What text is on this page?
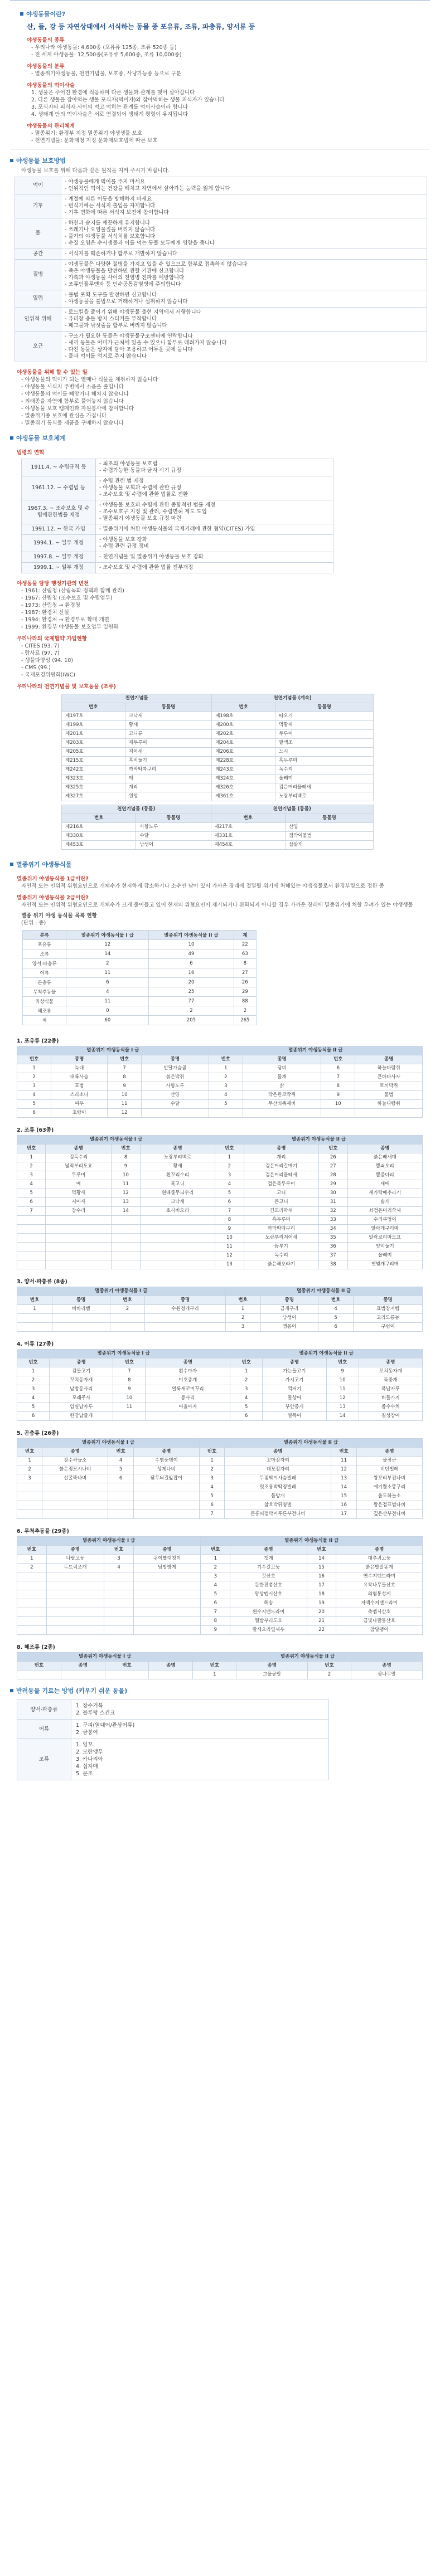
야생동물이란?
산, 들, 강 등 자연상태에서 서식하는 동물 중 포유류, 조류, 파충류, 양서류 등
야생동물의 종류
- 우리나라 야생동물: 4,600종 (포유류 125종, 조류 520종 등)
- 전 세계 야생동물: 12,500종(포유류 5,600종, 조류 10,000종)
야생동물의 분류
- 멸종위기야생동물, 천연기념물, 보호종, 사냥가능종 등으로 구분
야생동물의 먹이사슬
1. 생물은 주어진 환경에 적응하며 다른 생물과 관계를 맺어 살아갑니다
2. 다른 생물을 잡아먹는 생물 포식자(먹이자)와 잡아먹히는 생물 피식자가 있습니다
3. 포식자와 피식자 사이의 먹고 먹히는 관계를 먹이사슬이라 합니다
4. 생태계 안의 먹이사슬은 서로 연결되어 생태계 평형이 유지됩니다
야생동물의 관리체계
- 멸종위기: 환경부 지정 멸종위기 야생생물 보호
- 천연기념물: 문화재청 지정 문화재보호법에 따른 보호
야생동물 보호방법
야생동물 보호를 위해 다음과 같은 원칙을 지켜 주시기 바랍니다.
먹이	- 야생동물에게 먹이를 주지 마세요
- 인위적인 먹이는 건강을 해치고 자연에서 살아가는 능력을 잃게 합니다

기후	- 계절에 따른 이동을 방해하지 마세요
- 번식기에는 서식지 출입을 자제합니다
- 기후 변화에 따른 서식지 보전에 참여합니다

물	- 하천과 습지를 깨끗하게 유지합니다
- 쓰레기나 오염물질을 버리지 않습니다
- 물가의 야생동물 서식처를 보호합니다
- 수질 오염은 수서생물과 이를 먹는 동물 모두에게 영향을 줍니다

공간	- 서식지를 훼손하거나 함부로 개발하지 않습니다

질병	- 야생동물은 다양한 질병을 가지고 있을 수 있으므로 함부로 접촉하지 않습니다
- 죽은 야생동물을 발견하면 관할 기관에 신고합니다
- 가축과 야생동물 사이의 전염병 전파를 예방합니다
- 조류인플루엔자 등 인수공통감염병에 주의합니다

밀렵	- 불법 포획 도구를 발견하면 신고합니다
- 야생동물을 불법으로 거래하거나 섭취하지 않습니다

인위적 위해	- 로드킬을 줄이기 위해 야생동물 출현 지역에서 서행합니다
- 유리창 충돌 방지 스티커를 부착합니다
- 폐그물과 낚싯줄을 함부로 버리지 않습니다

오근	- 구조가 필요한 동물은 야생동물구조센터에 연락합니다
- 새끼 동물은 어미가 근처에 있을 수 있으니 함부로 데려가지 않습니다
- 다친 동물은 상자에 담아 조용하고 어두운 곳에 둡니다
- 물과 먹이를 억지로 주지 않습니다
야생동물을 위해 할 수 있는 일
- 야생동물의 먹이가 되는 열매나 식물을 채취하지 않습니다
- 야생동물 서식지 주변에서 소음을 줄입니다
- 야생동물의 먹이를 빼앗거나 해치지 않습니다
- 외래종을 자연에 함부로 풀어놓지 않습니다
- 야생동물 보호 캠페인과 자원봉사에 참여합니다
- 멸종위기종 보호에 관심을 가집니다
- 멸종위기 동식물 제품을 구매하지 않습니다
야생동물 보호체계
법령의 연혁
1911.4. ~ 수렵규칙 등	- 최초의 야생동물 보호법
- 수렵가능한 동물과 금지 시기 규정

1961.12. ~ 수렵법 등	- 수렵 관련 법 제정
- 야생동물 포획과 수렵에 관한 규정
- 조수보호 및 수렵에 관한 법률로 전환

1967.3. ~ 조수보호 및 수렵에관한법률 제정	- 야생동물 보호와 수렵에 관한 종합적인 법률 제정
- 조수보호구 지정 및 관리, 수렵면허 제도 도입
- 멸종위기 야생동물 보호 규정 마련

1991.12. ~ 한국 가입	- 멸종위기에 처한 야생동식물의 국제거래에 관한 협약(CITES) 가입

1994.1. ~ 일부 개정	- 야생동물 보호 강화
- 수렵 관련 규정 정비

1997.8. ~ 일부 개정	- 천연기념물 및 멸종위기 야생동물 보호 강화

1999.1. ~ 일부 개정	- 조수보호 및 수렵에 관한 법률 전부개정
야생동물 담당 행정기관의 변천
- 1961: 산림청 (산림녹화 정책과 함께 관리)
- 1967: 산림청 (조수보호 및 수렵업무)
- 1973: 산림청 → 환경청
- 1987: 환경처 신설
- 1994: 환경처 → 환경부로 확대 개편
- 1999: 환경부 야생동물 보호업무 일원화
우리나라의 국제협약 가입현황
- CITES (93. 7)
- 람사르 (97. 7)
- 생물다양성 (94. 10)
- CMS (99.)
- 국제포경위원회(IWC)
우리나라의 천연기념물 및 보호동물 (조류)
천연기념물		천연기념물 (계속)	
번호	동물명	번호	동물명
제197호	크낙새	제198호	따오기
제199호	황새	제200호	먹황새
제201호	고니류	제202호	두루미
제203호	재두루미	제204호	팔색조
제205호	저어새	제206호	느시
제215호	흑비둘기	제228호	흑두루미
제242호	까막딱따구리	제243호	독수리
제323호	매	제324호	올빼미
제325호	개리	제326호	검은머리물떼새
제327호	원앙	제361호	노랑부리백로
천연기념물 (동물)		천연기념물 (동물)	
번호	동물명	번호	동물명
제216호	사향노루	제217호	산양
제330호	수달	제331호	점박이물범
제453호	남생이	제454호	삽살개
멸종위기 야생동식물
멸종위기 야생동식물 1급이란?
자연적 또는 인위적 위협요인으로 개체수가 현저하게 감소하거나 소수만 남아 있어 가까운 장래에 절멸될 위기에 처해있는 야생생물로서 환경부령으로 정한 종
멸종위기 야생동식물 2급이란?
자연적 또는 인위적 위협요인으로 개체수가 크게 줄어들고 있어 현재의 위협요인이 제거되거나 완화되지 아니할 경우 가까운 장래에 멸종위기에 처할 우려가 있는 야생생물
멸종 위기 야생 동식물 목록 현황
(단위 : 종)
분류	멸종위기 야생동식물 I 급	멸종위기 야생동식물 II 급	계
포유류	12	10	22
조류	14	49	63
양서·파충류	2	6	8
어류	11	16	27
곤충류	6	20	26
무척추동물	4	25	29
육상식물	11	77	88
해조류	0	2	2
계	60	205	265
1. 포유류 (22종)
멸종위기 야생동식물 I 급				멸종위기 야생동식물 II 급			
번호	종명	번호	종명	번호	종명	번호	종명
1	늑대	7	반달가슴곰	1	담비	6	하늘다람쥐
2	대륙사슴	8	붉은박쥐	2	물개	7	큰바다사자
3	표범	9	사향노루	3	삵	8	토끼박쥐
4	스라소니	10	산양	4	작은관코박쥐	9	물범
5	여우	11	수달	5	무산쇠족제비	10	하늘다람쥐
6	호랑이	12					
2. 조류 (63종)
멸종위기 야생동식물 I 급				멸종위기 야생동식물 II 급			
번호	종명	번호	종명	번호	종명	번호	종명
1	검독수리	8	노랑부리백로	1	개리	26	붉은배새매
2	넓적부리도요	9	황새	2	검은머리갈매기	27	뿔쇠오리
3	두루미	10	흰꼬리수리	3	검은머리물떼새	28	뿔종다리
4	매	11	혹고니	4	검은목두루미	29	새매
5	먹황새	12	흰배줄무늬수리	5	고니	30	세가락메추라기
6	저어새	13	크낙새	6	큰고니	31	솔개
7	참수리	14	호사비오리	7	긴꼬리딱새	32	쇠검은머리쑥새
				8	흑두루미	33	수리부엉이
				9	까막딱따구리	34	알락개구리매
				10	노랑부리저어새	35	알락꼬리마도요
				11	뜸부기	36	양비둘기
				12	독수리	37	올빼미
				13	붉은해오라기	38	잿빛개구리매
3. 양서·파충류 (8종)
멸종위기 야생동식물 I 급				멸종위기 야생동식물 II 급			
번호	종명	번호	종명	번호	종명	번호	종명
1	비바리뱀	2	수원청개구리	1	금개구리	4	표범장지뱀
				2	남생이	5	고리도롱뇽
				3	맹꽁이	6	구렁이
4. 어류 (27종)
멸종위기 야생동식물 I 급				멸종위기 야생동식물 II 급			
번호	종명	번호	종명	번호	종명	번호	종명
1	감돌고기	7	흰수마자	1	가는돌고기	9	꼬치동자개
2	꼬치동자개	8	미호종개	2	가시고기	10	둑중개
3	남방동사리	9	얼룩새코미꾸리	3	꺽저기	11	묵납자루
4	모래주사	10	퉁사리	4	돌상어	12	버들가지
5	임실납자루	11	여울마자	5	부안종개	13	좀수수치
6	한강납줄개			6	열목어	14	칠성장어
5. 곤충류 (26종)
멸종위기 야생동식물 I 급				멸종위기 야생동식물 II 급			
번호	종명	번호	종명	번호	종명	번호	종명
1	장수하늘소	4	수염풍뎅이	1	꼬마잠자리	11	물장군
2	붉은점모시나비	5	상제나비	2	대모잠자리	12	비단벌레
3	산굴뚝나비	6	닻무늬길앞잡이	3	두점박이사슴벌레	13	쌍꼬리부전나비
				4	멋조롱박딱정벌레	14	애기뿔소똥구리
				5	물방개	15	울도하늘소
				6	참호박뒤영벌	16	왕은점표범나비
				7	큰홍띠점박이푸른부전나비	17	깊은산부전나비
6. 무척추동물 (29종)
멸종위기 야생동식물 I 급				멸종위기 야생동식물 II 급			
번호	종명	번호	종명	번호	종명	번호	종명
1	나팔고둥	3	귀이빨대칭이	1	갯게	14	대추귀고둥
2	두드럭조개	4	남방방게	2	기수갈고둥	15	붉은발말똥게
				3	깃산호	16	연수지맨드라미
				4	둔한진총산호	17	유착나무돌산호
				5	망상맵시산호	18	의염통성게
				6	해송	19	자색수지맨드라미
				7	흰수지맨드라미	20	측맵시산호
				8	둼밤부리도요	21	금빛나팔돌산호
				9	칼세오리옆새우	22	참달팽이
8. 해조류 (2종)
멸종위기 야생동식물 I 급				멸종위기 야생동식물 II 급			
번호	종명	번호	종명	번호	종명	번호	종명
				1	그물공말	2	삼나무말
반려동물 기르는 방법 (키우기 쉬운 동물)
양서·파충류	1. 장수거북
2. 블루텅 스킨크

어류	1. 구피(열대어/관상어류)
2. 금붕어

조류	1. 잉꼬
2. 모란앵무
3. 카나리아
4. 십자매
5. 문조
